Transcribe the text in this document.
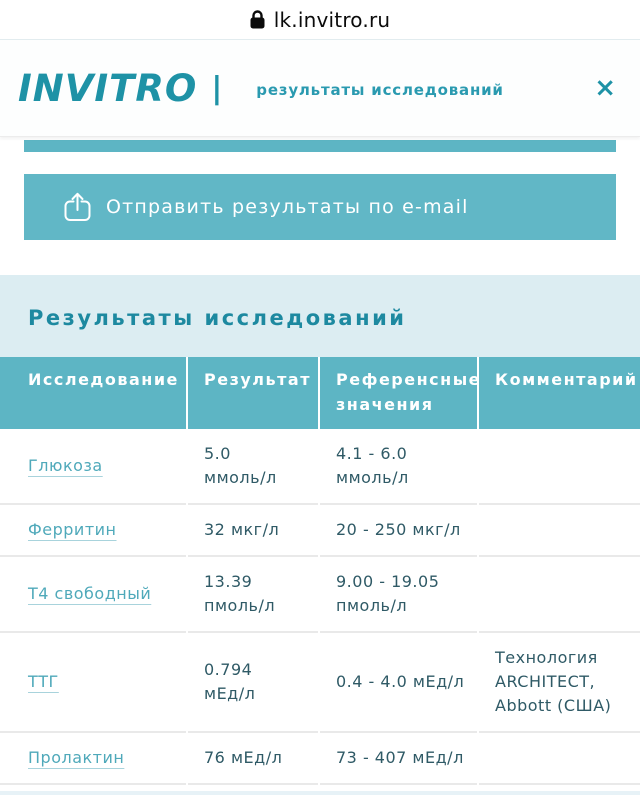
lk.invitro.ru
INVITRO | результаты исследований	×
Отправить результаты по e-mail
Результаты исследований
Исследование	Результат	Референсные значения	Комментарий
Глюкоза	5.0 ммоль/л	4.1 - 6.0 ммоль/л	
Ферритин	32 мкг/л	20 - 250 мкг/л	
Т4 свободный	13.39 пмоль/л	9.00 - 19.05 пмоль/л	
ТТГ	0.794 мЕд/л	0.4 - 4.0 мЕд/л	Технология ARCHITECT, Abbott (США)
Пролактин	76 мЕд/л	73 - 407 мЕд/л	
